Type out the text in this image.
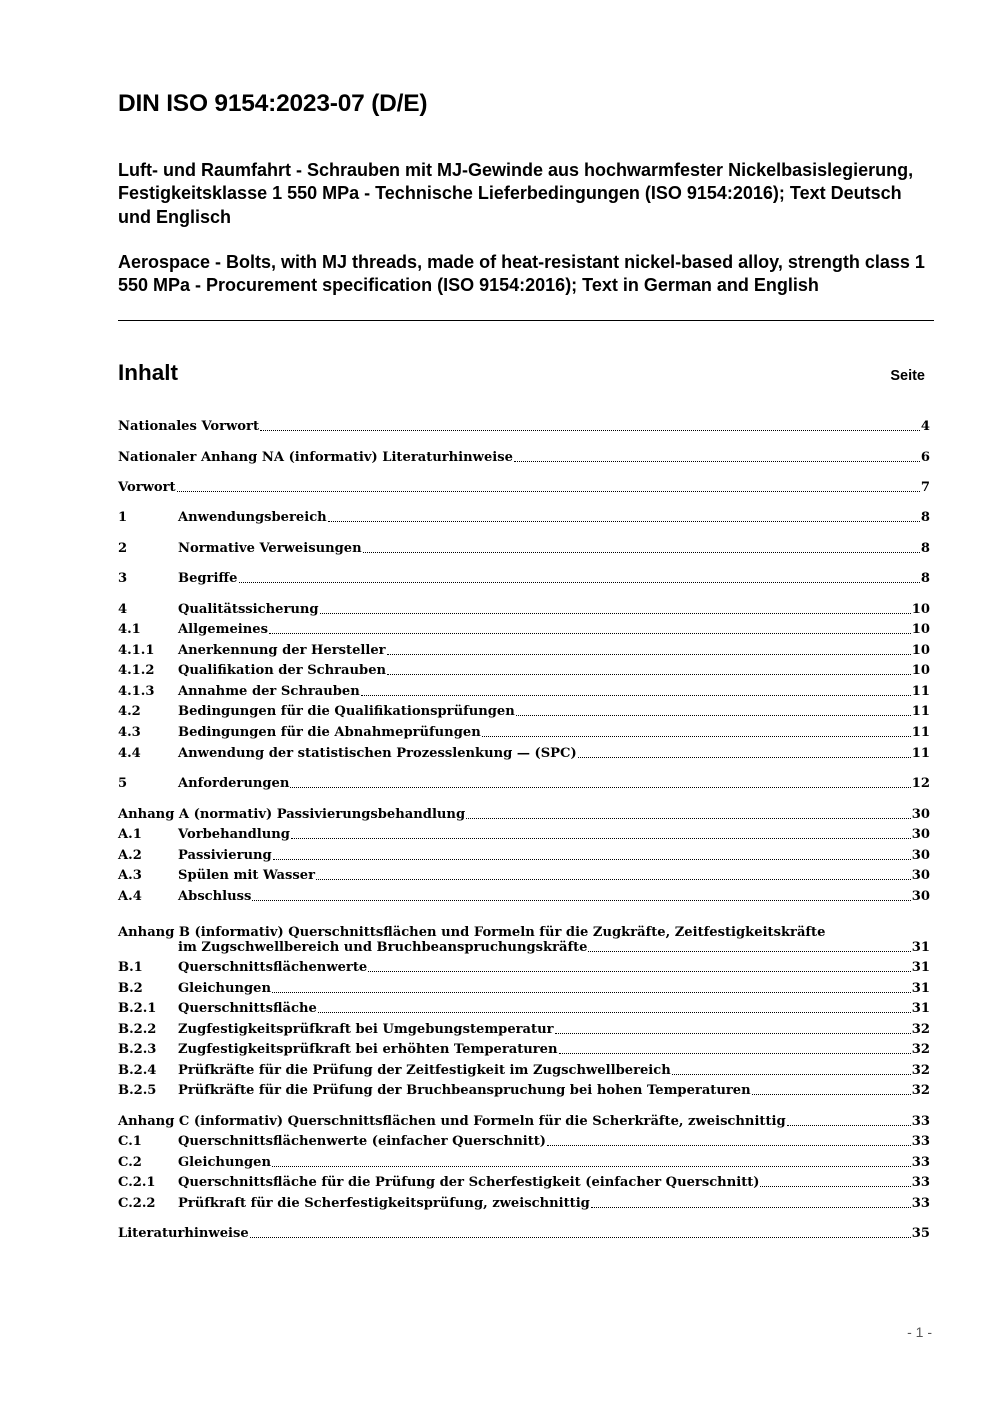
DIN ISO 9154:2023-07 (D/E)

Luft- und Raumfahrt - Schrauben mit MJ-Gewinde aus hochwarmfester Nickelbasislegierung, Festigkeitsklasse 1 550 MPa - Technische Lieferbedingungen (ISO 9154:2016); Text Deutsch und Englisch

Aerospace - Bolts, with MJ threads, made of heat-resistant nickel-based alloy, strength class 1 550 MPa - Procurement specification (ISO 9154:2016); Text in German and English

Inhalt	Seite
Nationales Vorwort	4
Nationaler Anhang NA (informativ) Literaturhinweise	6
Vorwort	7
1	Anwendungsbereich	8
2	Normative Verweisungen	8
3	Begriffe	8
4	Qualitätssicherung	10
4.1	Allgemeines	10
4.1.1	Anerkennung der Hersteller	10
4.1.2	Qualifikation der Schrauben	10
4.1.3	Annahme der Schrauben	11
4.2	Bedingungen für die Qualifikationsprüfungen	11
4.3	Bedingungen für die Abnahmeprüfungen	11
4.4	Anwendung der statistischen Prozesslenkung — (SPC)	11
5	Anforderungen	12
Anhang A (normativ) Passivierungsbehandlung	30
A.1	Vorbehandlung	30
A.2	Passivierung	30
A.3	Spülen mit Wasser	30
A.4	Abschluss	30
Anhang B (informativ) Querschnittsflächen und Formeln für die Zugkräfte, Zeitfestigkeitskräfte
im Zugschwellbereich und Bruchbeanspruchungskräfte	31
B.1	Querschnittsflächenwerte	31
B.2	Gleichungen	31
B.2.1	Querschnittsfläche	31
B.2.2	Zugfestigkeitsprüfkraft bei Umgebungstemperatur	32
B.2.3	Zugfestigkeitsprüfkraft bei erhöhten Temperaturen	32
B.2.4	Prüfkräfte für die Prüfung der Zeitfestigkeit im Zugschwellbereich	32
B.2.5	Prüfkräfte für die Prüfung der Bruchbeanspruchung bei hohen Temperaturen	32
Anhang C (informativ) Querschnittsflächen und Formeln für die Scherkräfte, zweischnittig	33
C.1	Querschnittsflächenwerte (einfacher Querschnitt)	33
C.2	Gleichungen	33
C.2.1	Querschnittsfläche für die Prüfung der Scherfestigkeit (einfacher Querschnitt)	33
C.2.2	Prüfkraft für die Scherfestigkeitsprüfung, zweischnittig	33
Literaturhinweise	35
- 1 -
